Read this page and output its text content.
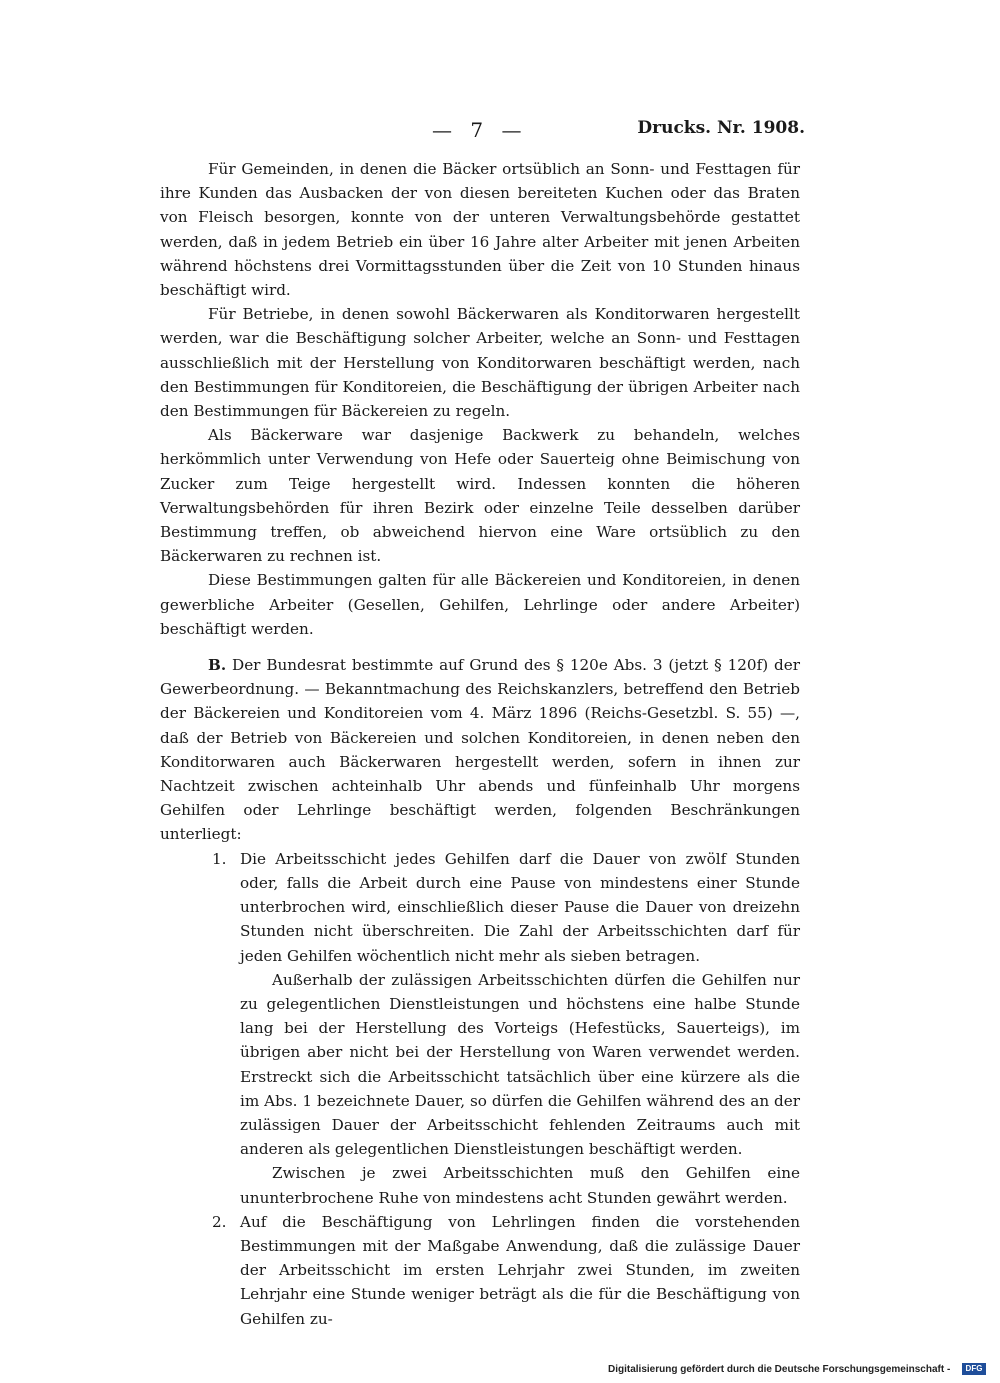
— 7 —	Drucks. Nr. 1908.

Für Gemeinden, in denen die Bäcker ortsüblich an Sonn- und Festtagen für ihre Kunden das Ausbacken der von diesen bereiteten Kuchen oder das Braten von Fleisch besorgen, konnte von der unteren Verwaltungsbehörde gestattet werden, daß in jedem Betrieb ein über 16 Jahre alter Arbeiter mit jenen Arbeiten während höchstens drei Vormittagsstunden über die Zeit von 10 Stunden hinaus beschäftigt wird.

Für Betriebe, in denen sowohl Bäckerwaren als Konditorwaren hergestellt werden, war die Beschäftigung solcher Arbeiter, welche an Sonn- und Festtagen ausschließlich mit der Herstellung von Konditorwaren beschäftigt werden, nach den Bestimmungen für Konditoreien, die Beschäftigung der übrigen Arbeiter nach den Bestimmungen für Bäckereien zu regeln.

Als Bäckerware war dasjenige Backwerk zu behandeln, welches herkömmlich unter Verwendung von Hefe oder Sauerteig ohne Beimischung von Zucker zum Teige hergestellt wird. Indessen konnten die höheren Verwaltungsbehörden für ihren Bezirk oder einzelne Teile desselben darüber Bestimmung treffen, ob abweichend hiervon eine Ware ortsüblich zu den Bäckerwaren zu rechnen ist.

Diese Bestimmungen galten für alle Bäckereien und Konditoreien, in denen gewerbliche Arbeiter (Gesellen, Gehilfen, Lehrlinge oder andere Arbeiter) beschäftigt werden.

B. Der Bundesrat bestimmte auf Grund des § 120e Abs. 3 (jetzt § 120f) der Gewerbeordnung. — Bekanntmachung des Reichskanzlers, betreffend den Betrieb der Bäckereien und Konditoreien vom 4. März 1896 (Reichs-Gesetzbl. S. 55) —, daß der Betrieb von Bäckereien und solchen Konditoreien, in denen neben den Konditorwaren auch Bäckerwaren hergestellt werden, sofern in ihnen zur Nachtzeit zwischen achteinhalb Uhr abends und fünfeinhalb Uhr morgens Gehilfen oder Lehrlinge beschäftigt werden, folgenden Beschränkungen unterliegt:

1. Die Arbeitsschicht jedes Gehilfen darf die Dauer von zwölf Stunden oder, falls die Arbeit durch eine Pause von mindestens einer Stunde unterbrochen wird, einschließlich dieser Pause die Dauer von dreizehn Stunden nicht überschreiten. Die Zahl der Arbeitsschichten darf für jeden Gehilfen wöchentlich nicht mehr als sieben betragen.

Außerhalb der zulässigen Arbeitsschichten dürfen die Gehilfen nur zu gelegentlichen Dienstleistungen und höchstens eine halbe Stunde lang bei der Herstellung des Vorteigs (Hefestücks, Sauerteigs), im übrigen aber nicht bei der Herstellung von Waren verwendet werden. Erstreckt sich die Arbeitsschicht tatsächlich über eine kürzere als die im Abs. 1 bezeichnete Dauer, so dürfen die Gehilfen während des an der zulässigen Dauer der Arbeitsschicht fehlenden Zeitraums auch mit anderen als gelegentlichen Dienstleistungen beschäftigt werden.

Zwischen je zwei Arbeitsschichten muß den Gehilfen eine ununterbrochene Ruhe von mindestens acht Stunden gewährt werden.

2. Auf die Beschäftigung von Lehrlingen finden die vorstehenden Bestimmungen mit der Maßgabe Anwendung, daß die zulässige Dauer der Arbeitsschicht im ersten Lehrjahr zwei Stunden, im zweiten Lehrjahr eine Stunde weniger beträgt als die für die Beschäftigung von Gehilfen zu-

Digitalisierung gefördert durch die Deutsche Forschungsgemeinschaft -	DFG
